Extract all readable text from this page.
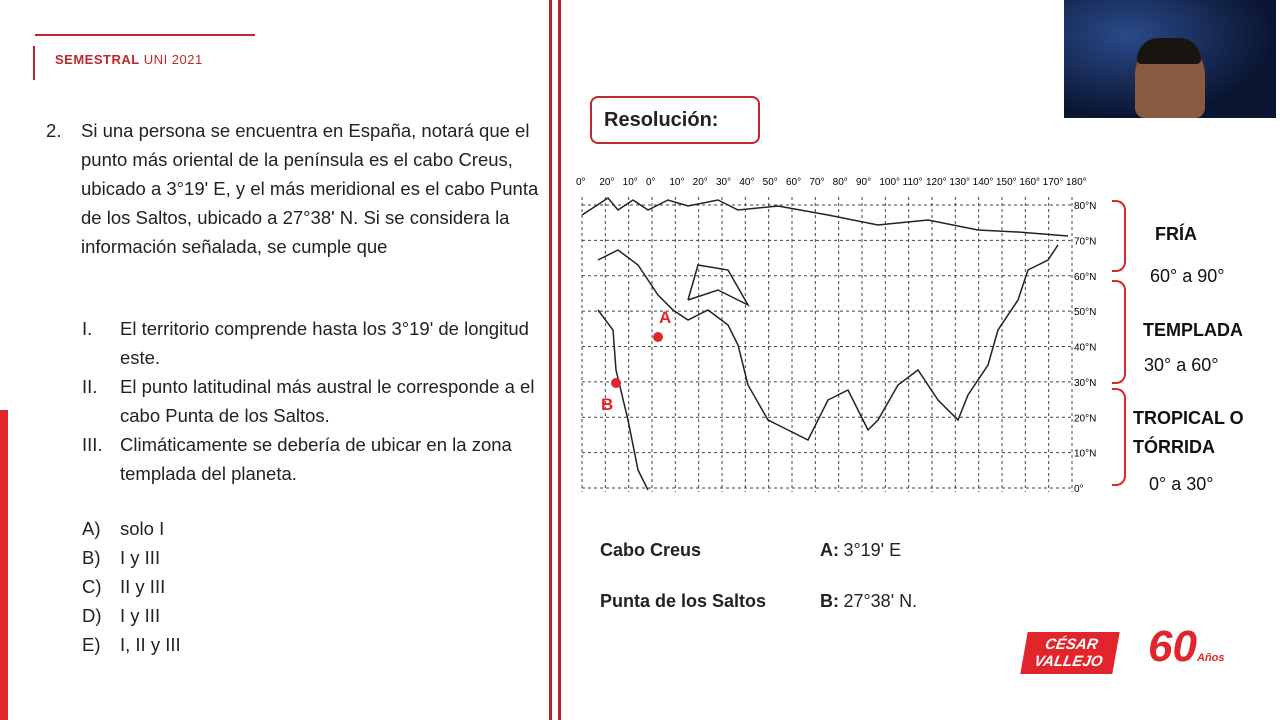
SEMESTRAL UNI 2021
2. Si una persona se encuentra en España, notará que el punto más oriental de la península es el cabo Creus, ubicado a 3°19' E, y el más meridional es el cabo Punta de los Saltos, ubicado a 27°38' N. Si se considera la información señalada, se cumple que
I.	El territorio comprende hasta los 3°19' de longitud este.
II.	El punto latitudinal más austral le corresponde a el cabo Punta de los Saltos.
III. Climáticamente se debería de ubicar en la zona templada del planeta.
A)	solo I
B)	I y III
C) II y III
D) I y III
E)	I, II y III
Resolución:
0° 20° 10° 0° 10° 20° 30° 40° 50° 60° 70° 80° 90° 100° 110° 120° 130° 140° 150° 160° 170° 180°
80°N
70°N
60°N
50°N
40°N
30°N
20°N
10°N
0°
A
B
FRÍA
60° a 90°
TEMPLADA
30° a 60°
TROPICAL O
TÓRRIDA
0° a 30°
Cabo Creus	A: 3°19' E
Punta de los Saltos	B: 27°38' N.
CÉSAR
VALLEJO 60Años
